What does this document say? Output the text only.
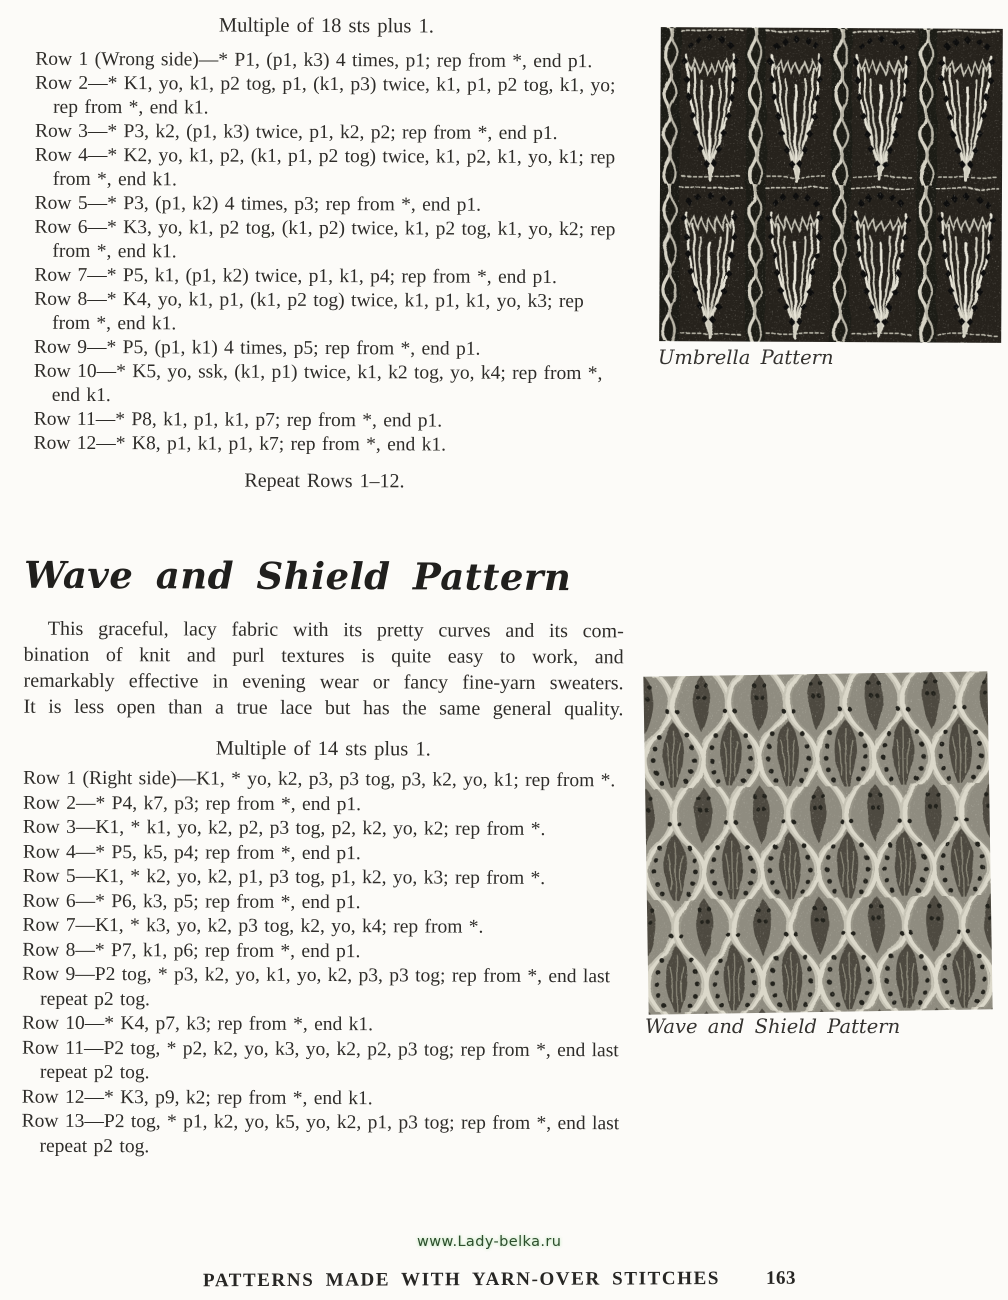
Multiple of 18 sts plus 1.
Row 1 (Wrong side)—* P1, (p1, k3) 4 times, p1; rep from *, end p1.
Row 2—* K1, yo, k1, p2 tog, p1, (k1, p3) twice, k1, p1, p2 tog, k1, yo; rep from *, end k1.
Row 3—* P3, k2, (p1, k3) twice, p1, k2, p2; rep from *, end p1.
Row 4—* K2, yo, k1, p2, (k1, p1, p2 tog) twice, k1, p2, k1, yo, k1; rep from *, end k1.
Row 5—* P3, (p1, k2) 4 times, p3; rep from *, end p1.
Row 6—* K3, yo, k1, p2 tog, (k1, p2) twice, k1, p2 tog, k1, yo, k2; rep from *, end k1.
Row 7—* P5, k1, (p1, k2) twice, p1, k1, p4; rep from *, end p1.
Row 8—* K4, yo, k1, p1, (k1, p2 tog) twice, k1, p1, k1, yo, k3; rep from *, end k1.
Row 9—* P5, (p1, k1) 4 times, p5; rep from *, end p1.
Row 10—* K5, yo, ssk, (k1, p1) twice, k1, k2 tog, yo, k4; rep from *, end k1.
Row 11—* P8, k1, p1, k1, p7; rep from *, end p1.
Row 12—* K8, p1, k1, p1, k7; rep from *, end k1.
Repeat Rows 1–12.
Wave and Shield Pattern
This graceful, lacy fabric with its pretty curves and its com-
bination of knit and purl textures is quite easy to work, and
remarkably effective in evening wear or fancy fine-yarn sweaters.
It is less open than a true lace but has the same general quality.
Multiple of 14 sts plus 1.
Row 1 (Right side)—K1, * yo, k2, p3, p3 tog, p3, k2, yo, k1; rep from *.
Row 2—* P4, k7, p3; rep from *, end p1.
Row 3—K1, * k1, yo, k2, p2, p3 tog, p2, k2, yo, k2; rep from *.
Row 4—* P5, k5, p4; rep from *, end p1.
Row 5—K1, * k2, yo, k2, p1, p3 tog, p1, k2, yo, k3; rep from *.
Row 6—* P6, k3, p5; rep from *, end p1.
Row 7—K1, * k3, yo, k2, p3 tog, k2, yo, k4; rep from *.
Row 8—* P7, k1, p6; rep from *, end p1.
Row 9—P2 tog, * p3, k2, yo, k1, yo, k2, p3, p3 tog; rep from *, end last repeat p2 tog.
Row 10—* K4, p7, k3; rep from *, end k1.
Row 11—P2 tog, * p2, k2, yo, k3, yo, k2, p2, p3 tog; rep from *, end last repeat p2 tog.
Row 12—* K3, p9, k2; rep from *, end k1.
Row 13—P2 tog, * p1, k2, yo, k5, yo, k2, p1, p3 tog; rep from *, end last repeat p2 tog.
Umbrella Pattern
Wave and Shield Pattern
www.Lady-belka.ru
PATTERNS MADE WITH YARN-OVER STITCHES 163
